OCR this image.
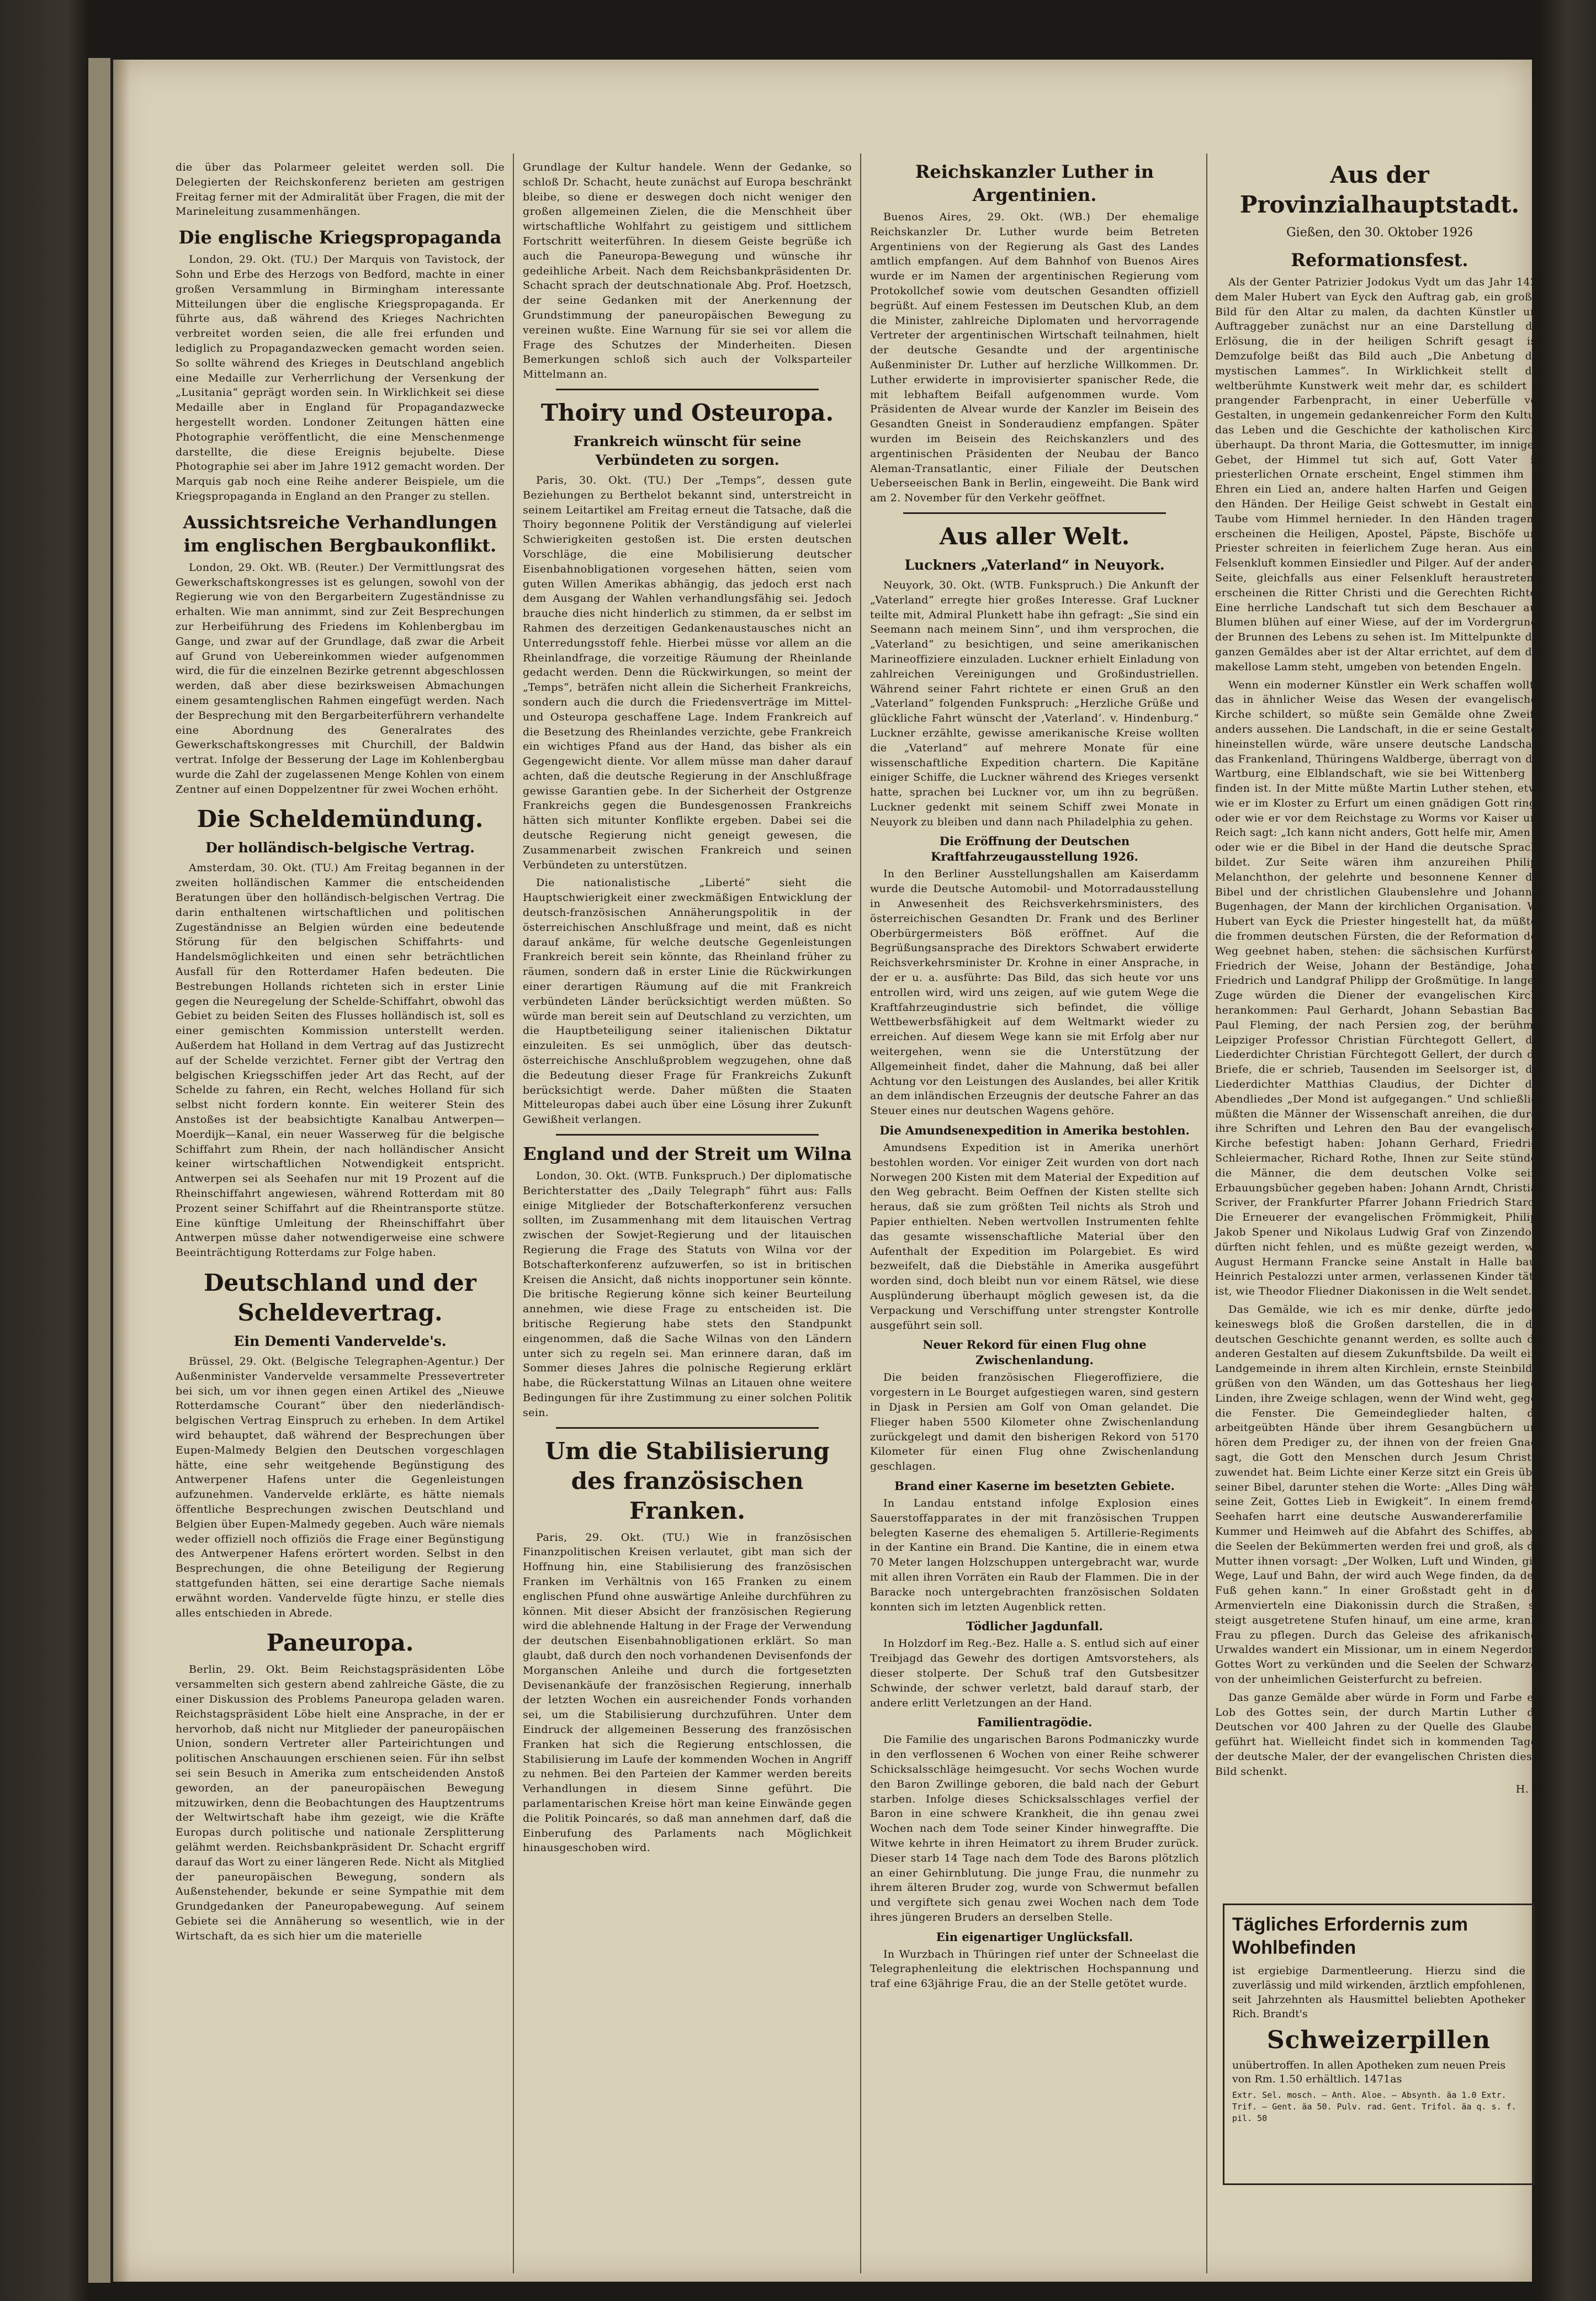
die über das Polarmeer geleitet werden soll. Die Delegierten der Reichskonferenz berieten am gestrigen Freitag ferner mit der Admiralität über Fragen, die mit der Marineleitung zusammenhängen.

Die englische Kriegspropaganda

London, 29. Okt. (TU.) Der Marquis von Tavistock, der Sohn und Erbe des Herzogs von Bedford, machte in einer großen Versammlung in Birmingham interessante Mitteilungen über die englische Kriegspropaganda. Er führte aus, daß während des Krieges Nachrichten verbreitet worden seien, die alle frei erfunden und lediglich zu Propagandazwecken gemacht worden seien. So sollte während des Krieges in Deutschland angeblich eine Medaille zur Verherrlichung der Versenkung der „Lusitania“ geprägt worden sein. In Wirklichkeit sei diese Medaille aber in England für Propagandazwecke hergestellt worden. Londoner Zeitungen hätten eine Photographie veröffentlicht, die eine Menschenmenge darstellte, die diese Ereignis bejubelte. Diese Photographie sei aber im Jahre 1912 gemacht worden. Der Marquis gab noch eine Reihe anderer Beispiele, um die Kriegspropaganda in England an den Pranger zu stellen.

Aussichtsreiche Verhandlungen im englischen Bergbaukonflikt.

London, 29. Okt. WB. (Reuter.) Der Vermittlungsrat des Gewerkschaftskongresses ist es gelungen, sowohl von der Regierung wie von den Bergarbeitern Zugeständnisse zu erhalten. Wie man annimmt, sind zur Zeit Besprechungen zur Herbeiführung des Friedens im Kohlenbergbau im Gange, und zwar auf der Grundlage, daß zwar die Arbeit auf Grund von Uebereinkommen wieder aufgenommen wird, die für die einzelnen Bezirke getrennt abgeschlossen werden, daß aber diese bezirksweisen Abmachungen einem gesamtenglischen Rahmen eingefügt werden. Nach der Besprechung mit den Bergarbeiterführern verhandelte eine Abordnung des Generalrates des Gewerkschaftskongresses mit Churchill, der Baldwin vertrat. Infolge der Besserung der Lage im Kohlenbergbau wurde die Zahl der zugelassenen Menge Kohlen von einem Zentner auf einen Doppelzentner für zwei Wochen erhöht.

Die Scheldemündung.
Der holländisch-belgische Vertrag.

Amsterdam, 30. Okt. (TU.) Am Freitag begannen in der zweiten holländischen Kammer die entscheidenden Beratungen über den holländisch-belgischen Vertrag. Die darin enthaltenen wirtschaftlichen und politischen Zugeständnisse an Belgien würden eine bedeutende Störung für den belgischen Schiffahrts- und Handelsmöglichkeiten und einen sehr beträchtlichen Ausfall für den Rotterdamer Hafen bedeuten. Die Bestrebungen Hollands richteten sich in erster Linie gegen die Neuregelung der Schelde-Schiffahrt, obwohl das Gebiet zu beiden Seiten des Flusses holländisch ist, soll es einer gemischten Kommission unterstellt werden. Außerdem hat Holland in dem Vertrag auf das Justizrecht auf der Schelde verzichtet. Ferner gibt der Vertrag den belgischen Kriegsschiffen jeder Art das Recht, auf der Schelde zu fahren, ein Recht, welches Holland für sich selbst nicht fordern konnte. Ein weiterer Stein des Anstoßes ist der beabsichtigte Kanalbau Antwerpen—Moerdijk—Kanal, ein neuer Wasserweg für die belgische Schiffahrt zum Rhein, der nach holländischer Ansicht keiner wirtschaftlichen Notwendigkeit entspricht. Antwerpen sei als Seehafen nur mit 19 Prozent auf die Rheinschiffahrt angewiesen, während Rotterdam mit 80 Prozent seiner Schiffahrt auf die Rheintransporte stütze. Eine künftige Umleitung der Rheinschiffahrt über Antwerpen müsse daher notwendigerweise eine schwere Beeinträchtigung Rotterdams zur Folge haben.

Deutschland und der Scheldevertrag.
Ein Dementi Vandervelde's.

Brüssel, 29. Okt. (Belgische Telegraphen-Agentur.) Der Außenminister Vandervelde versammelte Pressevertreter bei sich, um vor ihnen gegen einen Artikel des „Nieuwe Rotterdamsche Courant“ über den niederländisch-belgischen Vertrag Einspruch zu erheben. In dem Artikel wird behauptet, daß während der Besprechungen über Eupen-Malmedy Belgien den Deutschen vorgeschlagen hätte, eine sehr weitgehende Begünstigung des Antwerpener Hafens unter die Gegenleistungen aufzunehmen. Vandervelde erklärte, es hätte niemals öffentliche Besprechungen zwischen Deutschland und Belgien über Eupen-Malmedy gegeben. Auch wäre niemals weder offiziell noch offiziös die Frage einer Begünstigung des Antwerpener Hafens erörtert worden. Selbst in den Besprechungen, die ohne Beteiligung der Regierung stattgefunden hätten, sei eine derartige Sache niemals erwähnt worden. Vandervelde fügte hinzu, er stelle dies alles entschieden in Abrede.

Paneuropa.

Berlin, 29. Okt. Beim Reichstagspräsidenten Löbe versammelten sich gestern abend zahlreiche Gäste, die zu einer Diskussion des Problems Paneuropa geladen waren. Reichstagspräsident Löbe hielt eine Ansprache, in der er hervorhob, daß nicht nur Mitglieder der paneuropäischen Union, sondern Vertreter aller Parteirichtungen und politischen Anschauungen erschienen seien. Für ihn selbst sei sein Besuch in Amerika zum entscheidenden Anstoß geworden, an der paneuropäischen Bewegung mitzuwirken, denn die Beobachtungen des Hauptzentrums der Weltwirtschaft habe ihm gezeigt, wie die Kräfte Europas durch politische und nationale Zersplitterung gelähmt werden. Reichsbankpräsident Dr. Schacht ergriff darauf das Wort zu einer längeren Rede. Nicht als Mitglied der paneuropäischen Bewegung, sondern als Außenstehender, bekunde er seine Sympathie mit dem Grundgedanken der Paneuropabewegung. Auf seinem Gebiete sei die Annäherung so wesentlich, wie in der Wirtschaft, da es sich hier um die materielle

Grundlage der Kultur handele. Wenn der Gedanke, so schloß Dr. Schacht, heute zunächst auf Europa beschränkt bleibe, so diene er deswegen doch nicht weniger den großen allgemeinen Zielen, die die Menschheit über wirtschaftliche Wohlfahrt zu geistigem und sittlichem Fortschritt weiterführen. In diesem Geiste begrüße ich auch die Paneuropa-Bewegung und wünsche ihr gedeihliche Arbeit. Nach dem Reichsbankpräsidenten Dr. Schacht sprach der deutschnationale Abg. Prof. Hoetzsch, der seine Gedanken mit der Anerkennung der Grundstimmung der paneuropäischen Bewegung zu vereinen wußte. Eine Warnung für sie sei vor allem die Frage des Schutzes der Minderheiten. Diesen Bemerkungen schloß sich auch der Volksparteiler Mittelmann an.

Thoiry und Osteuropa.
Frankreich wünscht für seine Verbündeten zu sorgen.

Paris, 30. Okt. (TU.) Der „Temps“, dessen gute Beziehungen zu Berthelot bekannt sind, unterstreicht in seinem Leitartikel am Freitag erneut die Tatsache, daß die Thoiry begonnene Politik der Verständigung auf vielerlei Schwierigkeiten gestoßen ist. Die ersten deutschen Vorschläge, die eine Mobilisierung deutscher Eisenbahnobligationen vorgesehen hätten, seien vom guten Willen Amerikas abhängig, das jedoch erst nach dem Ausgang der Wahlen verhandlungsfähig sei. Jedoch brauche dies nicht hinderlich zu stimmen, da er selbst im Rahmen des derzeitigen Gedankenaustausches nicht an Unterredungsstoff fehle. Hierbei müsse vor allem an die Rheinlandfrage, die vorzeitige Räumung der Rheinlande gedacht werden. Denn die Rückwirkungen, so meint der „Temps“, beträfen nicht allein die Sicherheit Frankreichs, sondern auch die durch die Friedensverträge im Mittel- und Osteuropa geschaffene Lage. Indem Frankreich auf die Besetzung des Rheinlandes verzichte, gebe Frankreich ein wichtiges Pfand aus der Hand, das bisher als ein Gegengewicht diente. Vor allem müsse man daher darauf achten, daß die deutsche Regierung in der Anschlußfrage gewisse Garantien gebe. In der Sicherheit der Ostgrenze Frankreichs gegen die Bundesgenossen Frankreichs hätten sich mitunter Konflikte ergeben. Dabei sei die deutsche Regierung nicht geneigt gewesen, die Zusammenarbeit zwischen Frankreich und seinen Verbündeten zu unterstützen.

Die nationalistische „Liberté“ sieht die Hauptschwierigkeit einer zweckmäßigen Entwicklung der deutsch-französischen Annäherungspolitik in der österreichischen Anschlußfrage und meint, daß es nicht darauf ankäme, für welche deutsche Gegenleistungen Frankreich bereit sein könnte, das Rheinland früher zu räumen, sondern daß in erster Linie die Rückwirkungen einer derartigen Räumung auf die mit Frankreich verbündeten Länder berücksichtigt werden müßten. So würde man bereit sein auf Deutschland zu verzichten, um die Hauptbeteiligung seiner italienischen Diktatur einzuleiten. Es sei unmöglich, über das deutsch-österreichische Anschlußproblem wegzugehen, ohne daß die Bedeutung dieser Frage für Frankreichs Zukunft berücksichtigt werde. Daher müßten die Staaten Mitteleuropas dabei auch über eine Lösung ihrer Zukunft Gewißheit verlangen.

England und der Streit um Wilna

London, 30. Okt. (WTB. Funkspruch.) Der diplomatische Berichterstatter des „Daily Telegraph“ führt aus: Falls einige Mitglieder der Botschafterkonferenz versuchen sollten, im Zusammenhang mit dem litauischen Vertrag zwischen der Sowjet-Regierung und der litauischen Regierung die Frage des Statuts von Wilna vor der Botschafterkonferenz aufzuwerfen, so ist in britischen Kreisen die Ansicht, daß nichts inopportuner sein könnte. Die britische Regierung könne sich keiner Beurteilung annehmen, wie diese Frage zu entscheiden ist. Die britische Regierung habe stets den Standpunkt eingenommen, daß die Sache Wilnas von den Ländern unter sich zu regeln sei. Man erinnere daran, daß im Sommer dieses Jahres die polnische Regierung erklärt habe, die Rückerstattung Wilnas an Litauen ohne weitere Bedingungen für ihre Zustimmung zu einer solchen Politik sein.

Um die Stabilisierung des französischen Franken.

Paris, 29. Okt. (TU.) Wie in französischen Finanzpolitischen Kreisen verlautet, gibt man sich der Hoffnung hin, eine Stabilisierung des französischen Franken im Verhältnis von 165 Franken zu einem englischen Pfund ohne auswärtige Anleihe durchführen zu können. Mit dieser Absicht der französischen Regierung wird die ablehnende Haltung in der Frage der Verwendung der deutschen Eisenbahnobligationen erklärt. So man glaubt, daß durch den noch vorhandenen Devisenfonds der Morganschen Anleihe und durch die fortgesetzten Devisenankäufe der französischen Regierung, innerhalb der letzten Wochen ein ausreichender Fonds vorhanden sei, um die Stabilisierung durchzuführen. Unter dem Eindruck der allgemeinen Besserung des französischen Franken hat sich die Regierung entschlossen, die Stabilisierung im Laufe der kommenden Wochen in Angriff zu nehmen. Bei den Parteien der Kammer werden bereits Verhandlungen in diesem Sinne geführt. Die parlamentarischen Kreise hört man keine Einwände gegen die Politik Poincarés, so daß man annehmen darf, daß die Einberufung des Parlaments nach Möglichkeit hinausgeschoben wird.

Reichskanzler Luther in Argentinien.

Buenos Aires, 29. Okt. (WB.) Der ehemalige Reichskanzler Dr. Luther wurde beim Betreten Argentiniens von der Regierung als Gast des Landes amtlich empfangen. Auf dem Bahnhof von Buenos Aires wurde er im Namen der argentinischen Regierung vom Protokollchef sowie vom deutschen Gesandten offiziell begrüßt. Auf einem Festessen im Deutschen Klub, an dem die Minister, zahlreiche Diplomaten und hervorragende Vertreter der argentinischen Wirtschaft teilnahmen, hielt der deutsche Gesandte und der argentinische Außenminister Dr. Luther auf herzliche Willkommen. Dr. Luther erwiderte in improvisierter spanischer Rede, die mit lebhaftem Beifall aufgenommen wurde. Vom Präsidenten de Alvear wurde der Kanzler im Beisein des Gesandten Gneist in Sonderaudienz empfangen. Später wurden im Beisein des Reichskanzlers und des argentinischen Präsidenten der Neubau der Banco Aleman-Transatlantic, einer Filiale der Deutschen Ueberseeischen Bank in Berlin, eingeweiht. Die Bank wird am 2. November für den Verkehr geöffnet.

Aus aller Welt.
Luckners „Vaterland“ in Neuyork.

Neuyork, 30. Okt. (WTB. Funkspruch.) Die Ankunft der „Vaterland“ erregte hier großes Interesse. Graf Luckner teilte mit, Admiral Plunkett habe ihn gefragt: „Sie sind ein Seemann nach meinem Sinn“, und ihm versprochen, die „Vaterland“ zu besichtigen, und seine amerikanischen Marineoffiziere einzuladen. Luckner erhielt Einladung von zahlreichen Vereinigungen und Großindustriellen. Während seiner Fahrt richtete er einen Gruß an den „Vaterland“ folgenden Funkspruch: „Herzliche Grüße und glückliche Fahrt wünscht der ‚Vaterland‘. v. Hindenburg.“ Luckner erzählte, gewisse amerikanische Kreise wollten die „Vaterland“ auf mehrere Monate für eine wissenschaftliche Expedition chartern. Die Kapitäne einiger Schiffe, die Luckner während des Krieges versenkt hatte, sprachen bei Luckner vor, um ihn zu begrüßen. Luckner gedenkt mit seinem Schiff zwei Monate in Neuyork zu bleiben und dann nach Philadelphia zu gehen.

Die Eröffnung der Deutschen Kraftfahrzeugausstellung 1926.

In den Berliner Ausstellungshallen am Kaiserdamm wurde die Deutsche Automobil- und Motorradausstellung in Anwesenheit des Reichsverkehrsministers, des österreichischen Gesandten Dr. Frank und des Berliner Oberbürgermeisters Böß eröffnet. Auf die Begrüßungsansprache des Direktors Schwabert erwiderte Reichsverkehrsminister Dr. Krohne in einer Ansprache, in der er u. a. ausführte: Das Bild, das sich heute vor uns entrollen wird, wird uns zeigen, auf wie gutem Wege die Kraftfahrzeugindustrie sich befindet, die völlige Wettbewerbsfähigkeit auf dem Weltmarkt wieder zu erreichen. Auf diesem Wege kann sie mit Erfolg aber nur weitergehen, wenn sie die Unterstützung der Allgemeinheit findet, daher die Mahnung, daß bei aller Achtung vor den Leistungen des Auslandes, bei aller Kritik an dem inländischen Erzeugnis der deutsche Fahrer an das Steuer eines nur deutschen Wagens gehöre.

Die Amundsenexpedition in Amerika bestohlen.

Amundsens Expedition ist in Amerika unerhört bestohlen worden. Vor einiger Zeit wurden von dort nach Norwegen 200 Kisten mit dem Material der Expedition auf den Weg gebracht. Beim Oeffnen der Kisten stellte sich heraus, daß sie zum größten Teil nichts als Stroh und Papier enthielten. Neben wertvollen Instrumenten fehlte das gesamte wissenschaftliche Material über den Aufenthalt der Expedition im Polargebiet. Es wird bezweifelt, daß die Diebstähle in Amerika ausgeführt worden sind, doch bleibt nun vor einem Rätsel, wie diese Ausplünderung überhaupt möglich gewesen ist, da die Verpackung und Verschiffung unter strengster Kontrolle ausgeführt sein soll.

Neuer Rekord für einen Flug ohne Zwischenlandung.

Die beiden französischen Fliegeroffiziere, die vorgestern in Le Bourget aufgestiegen waren, sind gestern in Djask in Persien am Golf von Oman gelandet. Die Flieger haben 5500 Kilometer ohne Zwischenlandung zurückgelegt und damit den bisherigen Rekord von 5170 Kilometer für einen Flug ohne Zwischenlandung geschlagen.

Brand einer Kaserne im besetzten Gebiete.

In Landau entstand infolge Explosion eines Sauerstoffapparates in der mit französischen Truppen belegten Kaserne des ehemaligen 5. Artillerie-Regiments in der Kantine ein Brand. Die Kantine, die in einem etwa 70 Meter langen Holzschuppen untergebracht war, wurde mit allen ihren Vorräten ein Raub der Flammen. Die in der Baracke noch untergebrachten französischen Soldaten konnten sich im letzten Augenblick retten.

Tödlicher Jagdunfall.

In Holzdorf im Reg.-Bez. Halle a. S. entlud sich auf einer Treibjagd das Gewehr des dortigen Amtsvorstehers, als dieser stolperte. Der Schuß traf den Gutsbesitzer Schwinde, der schwer verletzt, bald darauf starb, der andere erlitt Verletzungen an der Hand.

Familientragödie.

Die Familie des ungarischen Barons Podmaniczky wurde in den verflossenen 6 Wochen von einer Reihe schwerer Schicksalsschläge heimgesucht. Vor sechs Wochen wurde den Baron Zwillinge geboren, die bald nach der Geburt starben. Infolge dieses Schicksalsschlages verfiel der Baron in eine schwere Krankheit, die ihn genau zwei Wochen nach dem Tode seiner Kinder hinwegraffte. Die Witwe kehrte in ihren Heimatort zu ihrem Bruder zurück. Dieser starb 14 Tage nach dem Tode des Barons plötzlich an einer Gehirnblutung. Die junge Frau, die nunmehr zu ihrem älteren Bruder zog, wurde von Schwermut befallen und vergiftete sich genau zwei Wochen nach dem Tode ihres jüngeren Bruders an derselben Stelle.

Ein eigenartiger Unglücksfall.

In Wurzbach in Thüringen rief unter der Schneelast die Telegraphenleitung die elektrischen Hochspannung und traf eine 63jährige Frau, die an der Stelle getötet wurde.

Aus der Provinzialhauptstadt.
Gießen, den 30. Oktober 1926
Reformationsfest.

Als der Genter Patrizier Jodokus Vydt um das Jahr 1424 dem Maler Hubert van Eyck den Auftrag gab, ein großes Bild für den Altar zu malen, da dachten Künstler und Auftraggeber zunächst nur an eine Darstellung der Erlösung, die in der heiligen Schrift gesagt ist. Demzufolge beißt das Bild auch „Die Anbetung des mystischen Lammes“. In Wirklichkeit stellt das weltberühmte Kunstwerk weit mehr dar, es schildert in prangender Farbenpracht, in einer Ueberfülle von Gestalten, in ungemein gedankenreicher Form den Kultus, das Leben und die Geschichte der katholischen Kirche überhaupt. Da thront Maria, die Gottesmutter, im innigem Gebet, der Himmel tut sich auf, Gott Vater im priesterlichen Ornate erscheint, Engel stimmen ihm zu Ehren ein Lied an, andere halten Harfen und Geigen in den Händen. Der Heilige Geist schwebt in Gestalt einer Taube vom Himmel hernieder. In den Händen tragend, erscheinen die Heiligen, Apostel, Päpste, Bischöfe und Priester schreiten in feierlichem Zuge heran. Aus einer Felsenkluft kommen Einsiedler und Pilger. Auf der anderen Seite, gleichfalls aus einer Felsenkluft heraustretend, erscheinen die Ritter Christi und die Gerechten Richter. Eine herrliche Landschaft tut sich dem Beschauer auf, Blumen blühen auf einer Wiese, auf der im Vordergrunde der Brunnen des Lebens zu sehen ist. Im Mittelpunkte des ganzen Gemäldes aber ist der Altar errichtet, auf dem das makellose Lamm steht, umgeben von betenden Engeln.

Wenn ein moderner Künstler ein Werk schaffen wollte, das in ähnlicher Weise das Wesen der evangelischen Kirche schildert, so müßte sein Gemälde ohne Zweifel anders aussehen. Die Landschaft, in die er seine Gestalten hineinstellen würde, wäre unsere deutsche Landschaft, das Frankenland, Thüringens Waldberge, überragt von der Wartburg, eine Elblandschaft, wie sie bei Wittenberg zu finden ist. In der Mitte müßte Martin Luther stehen, etwa wie er im Kloster zu Erfurt um einen gnädigen Gott ringt, oder wie er vor dem Reichstage zu Worms vor Kaiser und Reich sagt: „Ich kann nicht anders, Gott helfe mir, Amen!“, oder wie er die Bibel in der Hand die deutsche Sprache bildet. Zur Seite wären ihm anzureihen Philipp Melanchthon, der gelehrte und besonnene Kenner der Bibel und der christlichen Glaubenslehre und Johannes Bugenhagen, der Mann der kirchlichen Organisation. Wo Hubert van Eyck die Priester hingestellt hat, da müßten die frommen deutschen Fürsten, die der Reformation den Weg geebnet haben, stehen: die sächsischen Kurfürsten Friedrich der Weise, Johann der Beständige, Johann Friedrich und Landgraf Philipp der Großmütige. In langem Zuge würden die Diener der evangelischen Kirche herankommen: Paul Gerhardt, Johann Sebastian Bach, Paul Fleming, der nach Persien zog, der berühmte Leipziger Professor Christian Fürchtegott Gellert, der Liederdichter Christian Fürchtegott Gellert, der durch die Briefe, die er schrieb, Tausenden im Seelsorger ist, der Liederdichter Matthias Claudius, der Dichter des Abendliedes „Der Mond ist aufgegangen.“ Und schließlich müßten die Männer der Wissenschaft anreihen, die durch ihre Schriften und Lehren den Bau der evangelischen Kirche befestigt haben: Johann Gerhard, Friedrich Schleiermacher, Richard Rothe, Ihnen zur Seite stünden die Männer, die dem deutschen Volke seine Erbauungsbücher gegeben haben: Johann Arndt, Christian Scriver, der Frankfurter Pfarrer Johann Friedrich Starck. Die Erneuerer der evangelischen Frömmigkeit, Philipp Jakob Spener und Nikolaus Ludwig Graf von Zinzendorf, dürften nicht fehlen, und es müßte gezeigt werden, wie August Hermann Francke seine Anstalt in Halle baut, Heinrich Pestalozzi unter armen, verlassenen Kinder tätig ist, wie Theodor Fliedner Diakonissen in die Welt sendet.

Das Gemälde, wie ich es mir denke, dürfte jedoch keineswegs bloß die Großen darstellen, die in der deutschen Geschichte genannt werden, es sollte auch die anderen Gestalten auf diesem Zukunftsbilde. Da weilt eine Landgemeinde in ihrem alten Kirchlein, ernste Steinbilder grüßen von den Wänden, um das Gotteshaus her liegen Linden, ihre Zweige schlagen, wenn der Wind weht, gegen die Fenster. Die Gemeindeglieder halten, die arbeitgeübten Hände über ihrem Gesangbüchern und hören dem Prediger zu, der ihnen von der freien Gnade sagt, die Gott den Menschen durch Jesum Christus zuwendet hat. Beim Lichte einer Kerze sitzt ein Greis über seiner Bibel, darunter stehen die Worte: „Alles Ding währt seine Zeit, Gottes Lieb in Ewigkeit“. In einem fremden Seehafen harrt eine deutsche Auswandererfamilie in Kummer und Heimweh auf die Abfahrt des Schiffes, aber die Seelen der Bekümmerten werden frei und groß, als die Mutter ihnen vorsagt: „Der Wolken, Luft und Winden, gibt Wege, Lauf und Bahn, der wird auch Wege finden, da dein Fuß gehen kann.“ In einer Großstadt geht in den Armenvierteln eine Diakonissin durch die Straßen, sie steigt ausgetretene Stufen hinauf, um eine arme, kranke Frau zu pflegen. Durch das Geleise des afrikanischen Urwaldes wandert ein Missionar, um in einem Negerdorfe Gottes Wort zu verkünden und die Seelen der Schwarzen von der unheimlichen Geisterfurcht zu befreien.

Das ganze Gemälde aber würde in Form und Farbe ein Lob des Gottes sein, der durch Martin Luther die Deutschen vor 400 Jahren zu der Quelle des Glaubens geführt hat. Wielleicht findet sich in kommenden Tagen der deutsche Maler, der der evangelischen Christen dieses Bild schenkt.

H. D.

Tägliches Erfordernis zum Wohlbefinden

ist ergiebige Darmentleerung. Hierzu sind die zuverlässig und mild wirkenden, ärztlich empfohlenen, seit Jahrzehnten als Hausmittel beliebten Apotheker Rich. Brandt's

Schweizerpillen

unübertroffen. In allen Apotheken zum neuen Preis von Rm. 1.50 erhältlich. 1471as

Extr. Sel. mosch. — Anth. Aloe. — Absynth. äa 1.0 Extr. Trif. — Gent. äa 50. Pulv. rad. Gent. Trifol. äa q. s. f. pil. 50
